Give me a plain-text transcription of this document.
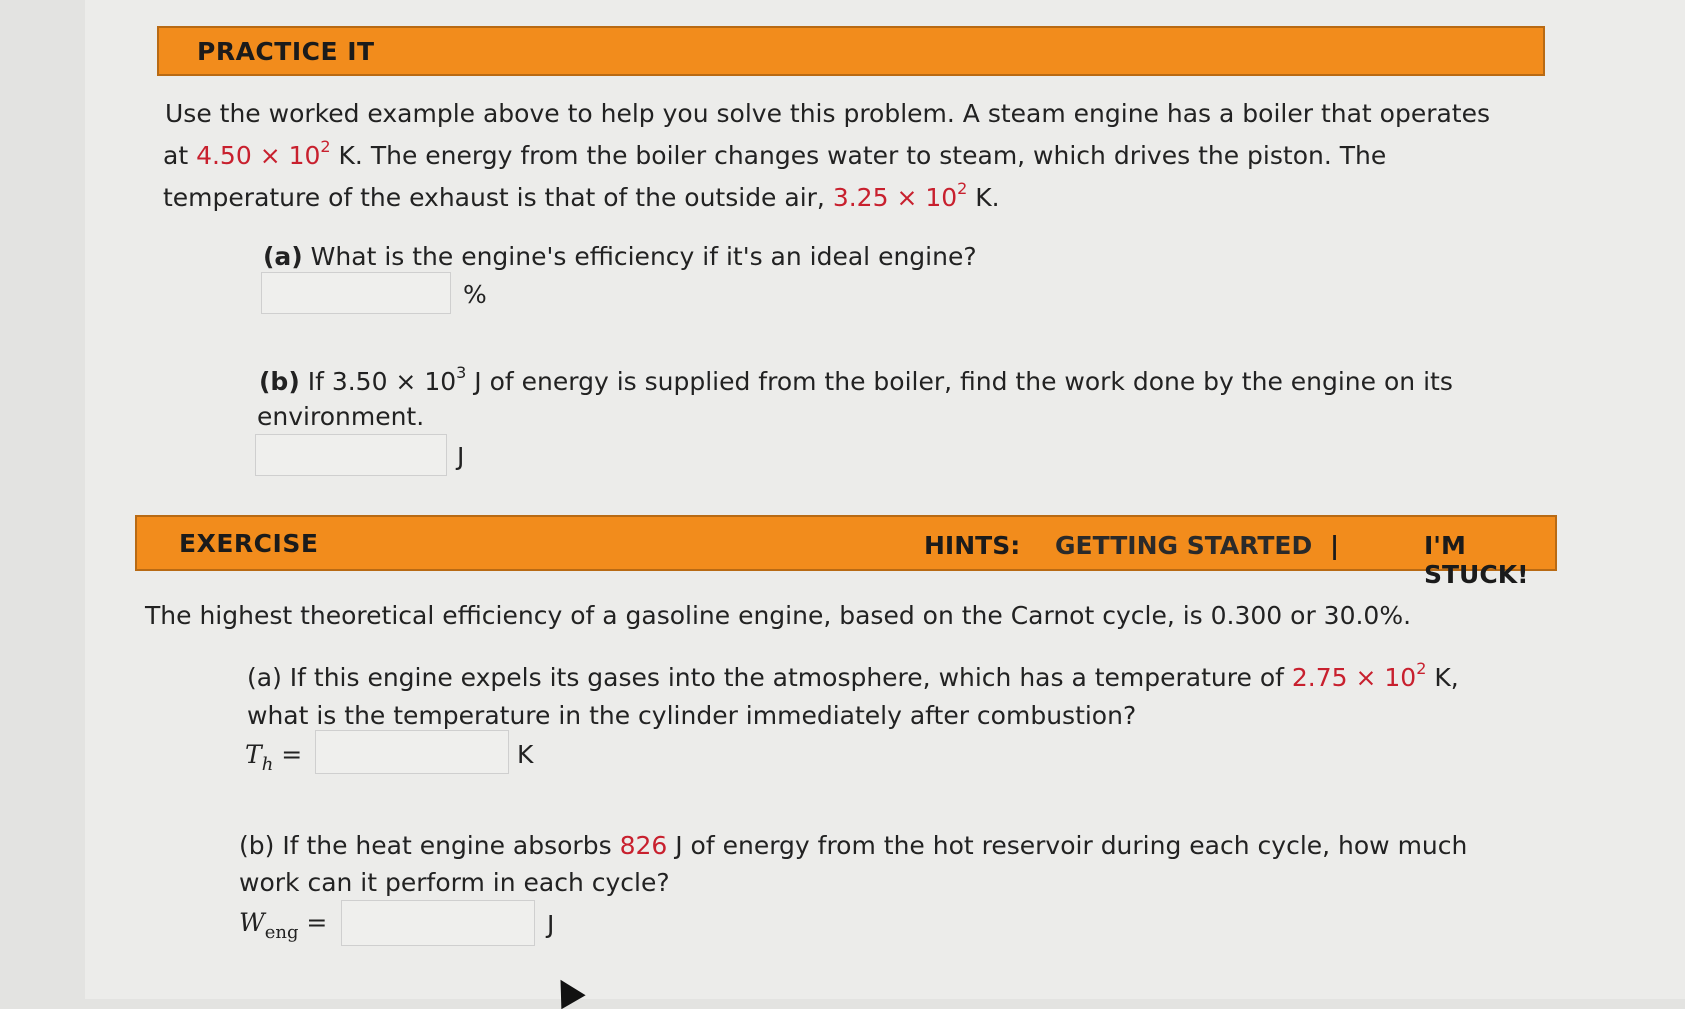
PRACTICE IT
Use the worked example above to help you solve this problem. A steam engine has a boiler that operates
at $4.50 \times 10^2$ K. The energy from the boiler changes water to steam, which drives the piston. The
temperature of the exhaust is that of the outside air, $3.25 \times 10^2$ K.
(a) What is the engine's efficiency if it's an ideal engine?
%
(b) If $3.50 \times 10^3$ J of energy is supplied from the boiler, find the work done by the engine on its
environment.
J
EXERCISE	HINTS: GETTING STARTED |	I'M STUCK!
The highest theoretical efficiency of a gasoline engine, based on the Carnot cycle, is 0.300 or 30.0%.
(a) If this engine expels its gases into the atmosphere, which has a temperature of $2.75 \times 10^2$ K,
what is the temperature in the cylinder immediately after combustion?
$T_h$ =	K
(b) If the heat engine absorbs 826 J of energy from the hot reservoir during each cycle, how much
work can it perform in each cycle?
$W_{eng}$ =	J
